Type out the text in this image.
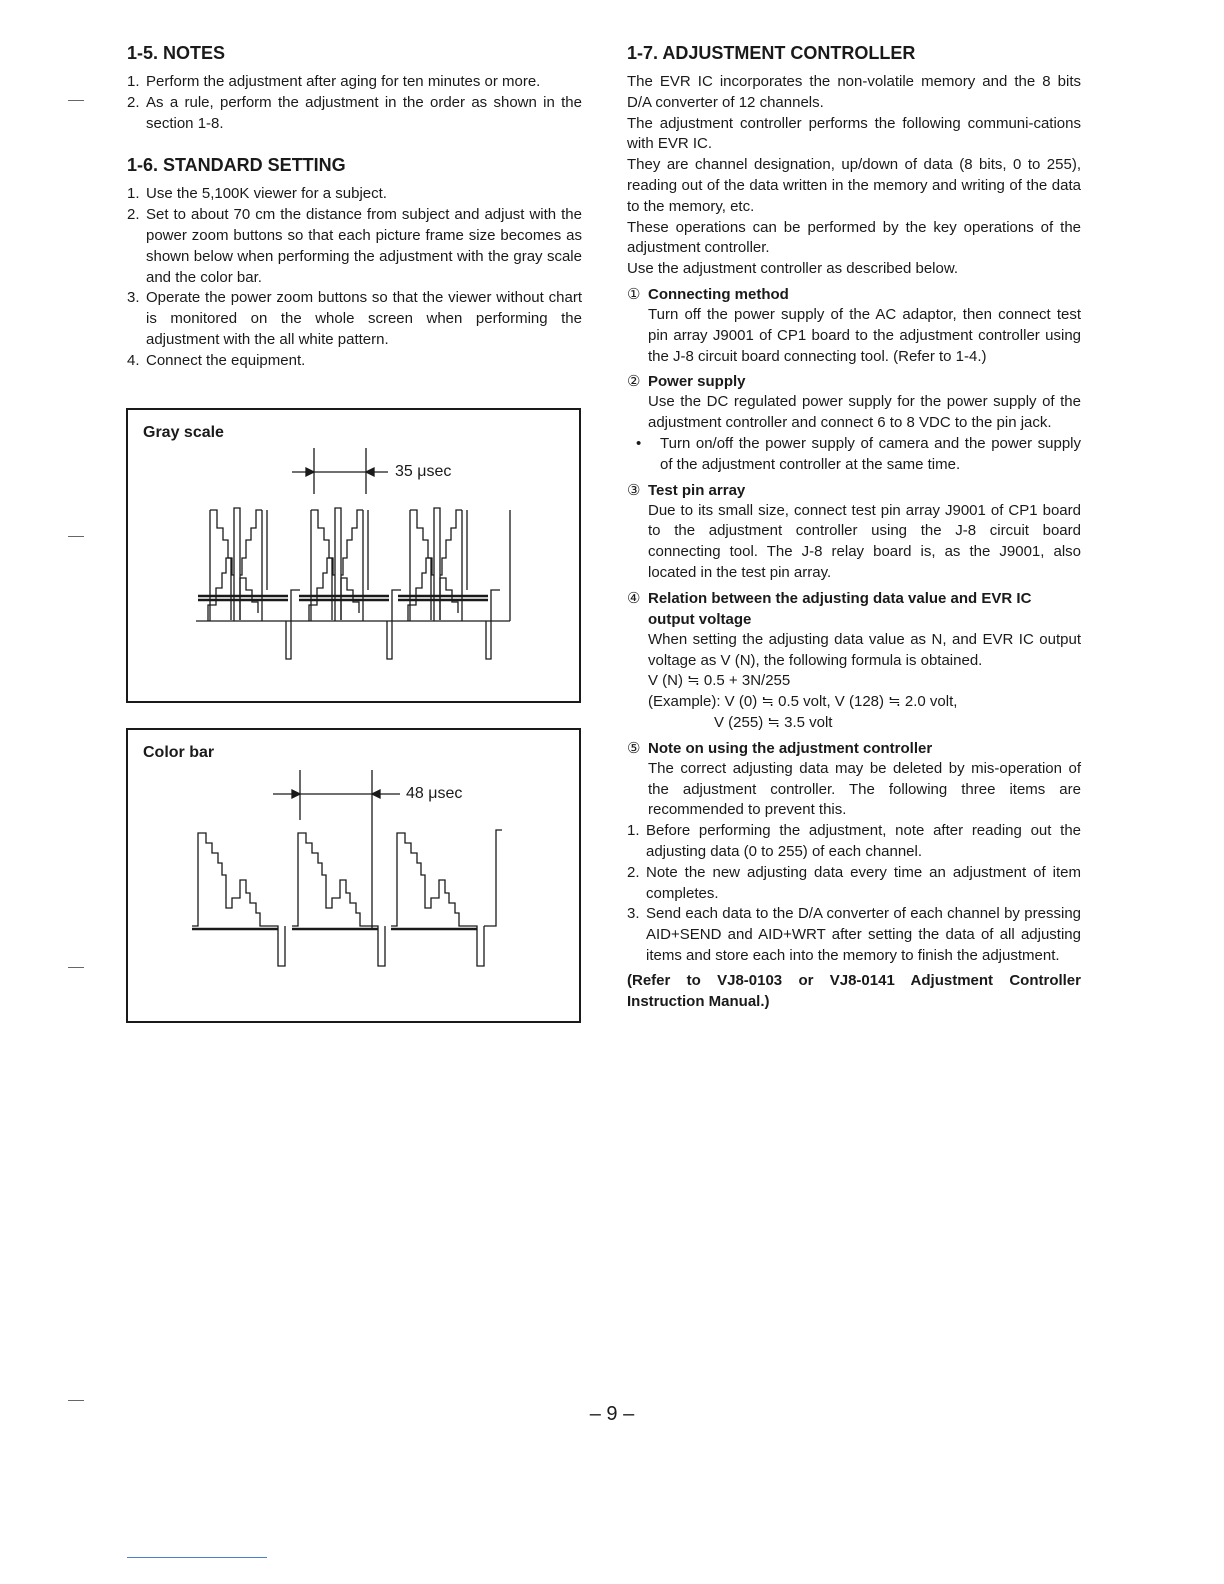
1-5. NOTES
1. Perform the adjustment after aging for ten minutes or more.
2. As a rule, perform the adjustment in the order as shown in the section 1-8.
1-6. STANDARD SETTING
1. Use the 5,100K viewer for a subject.
2. Set to about 70 cm the distance from subject and adjust with the power zoom buttons so that each picture frame size becomes as shown below when performing the adjustment with the gray scale and the color bar.
3. Operate the power zoom buttons so that the viewer without chart is monitored on the whole screen when performing the adjustment with the all white pattern.
4. Connect the equipment.
Gray scale
35 μsec
Color bar
48 μsec
1-7. ADJUSTMENT CONTROLLER
The EVR IC incorporates the non-volatile memory and the 8 bits D/A converter of 12 channels.
The adjustment controller performs the following communi-cations with EVR IC.
They are channel designation, up/down of data (8 bits, 0 to 255), reading out of the data written in the memory and writing of the data to the memory, etc.
These operations can be performed by the key operations of the adjustment controller.
Use the adjustment controller as described below.
① Connecting method
Turn off the power supply of the AC adaptor, then connect test pin array J9001 of CP1 board to the adjustment controller using the J-8 circuit board connecting tool. (Refer to 1-4.)
② Power supply
Use the DC regulated power supply for the power supply of the adjustment controller and connect 6 to 8 VDC to the pin jack.
•	Turn on/off the power supply of camera and the power supply of the adjustment controller at the same time.
③ Test pin array
Due to its small size, connect test pin array J9001 of CP1 board to the adjustment controller using the J-8 circuit board connecting tool. The J-8 relay board is, as the J9001, also located in the test pin array.
④ Relation between the adjusting data value and EVR IC output voltage
When setting the adjusting data value as N, and EVR IC output voltage as V (N), the following formula is obtained.
V (N) ≒ 0.5 + 3N/255
(Example): V (0) ≒ 0.5 volt, V (128) ≒ 2.0 volt,
V (255) ≒ 3.5 volt
⑤ Note on using the adjustment controller
The correct adjusting data may be deleted by mis-operation of the adjustment controller. The following three items are recommended to prevent this.
1. Before performing the adjustment, note after reading out the adjusting data (0 to 255) of each channel.
2. Note the new adjusting data every time an adjustment of item completes.
3. Send each data to the D/A converter of each channel by pressing AID+SEND and AID+WRT after setting the data of all adjusting items and store each into the memory to finish the adjustment.
(Refer to VJ8-0103 or VJ8-0141 Adjustment Controller Instruction Manual.)
– 9 –
